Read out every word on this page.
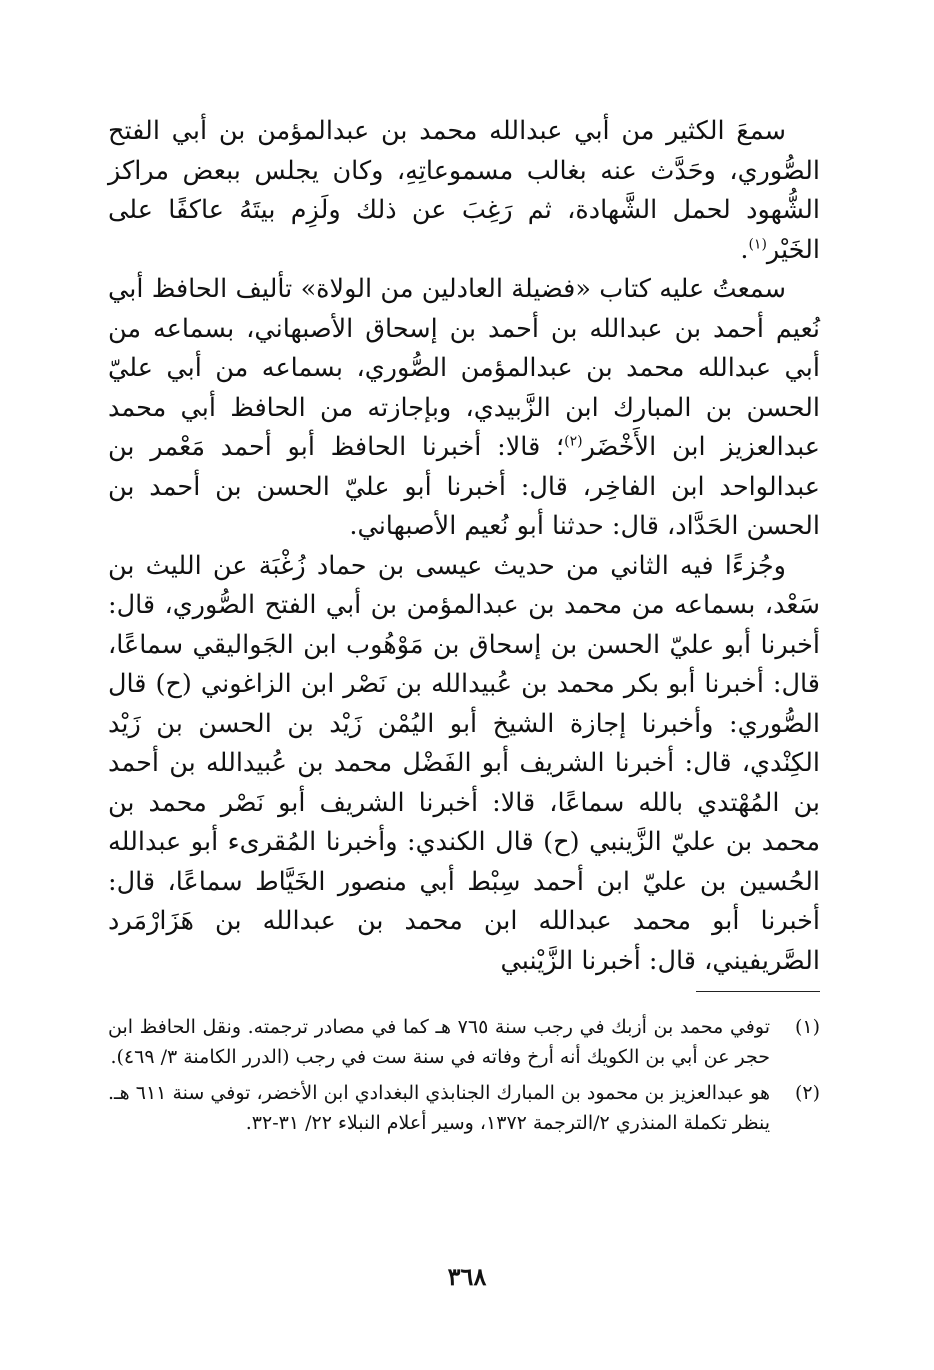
سمعَ الكثير من أبي عبدالله محمد بن عبدالمؤمن بن أبي الفتح الصُّوري، وحَدَّث عنه بغالب مسموعاتِهِ، وكان يجلس ببعض مراكز الشُّهود لحمل الشَّهادة، ثم رَغِبَ عن ذلك ولَزِم بيتَهُ عاكفًا على الخَيْر$^{(١)}$.

سمعتُ عليه كتاب «فضيلة العادلين من الولاة» تأليف الحافظ أبي نُعيم أحمد بن عبدالله بن أحمد بن إسحاق الأصبهاني، بسماعه من أبي عبدالله محمد بن عبدالمؤمن الصُّوري، بسماعه من أبي عليّ الحسن بن المبارك ابن الزَّبيدي، وبإجازته من الحافظ أبي محمد عبدالعزيز ابن الأَخْضَر$^{(٢)}$؛ قالا: أخبرنا الحافظ أبو أحمد مَعْمر بن عبدالواحد ابن الفاخِر، قال: أخبرنا أبو عليّ الحسن بن أحمد بن الحسن الحَدَّاد، قال: حدثنا أبو نُعيم الأصبهاني.

وجُزءًا فيه الثاني من حديث عيسى بن حماد زُغْبَة عن الليث بن سَعْد، بسماعه من محمد بن عبدالمؤمن بن أبي الفتح الصُّوري، قال: أخبرنا أبو عليّ الحسن بن إسحاق بن مَوْهُوب ابن الجَواليقي سماعًا، قال: أخبرنا أبو بكر محمد بن عُبيدالله بن نَصْر ابن الزاغوني (ح) قال الصُّوري: وأخبرنا إجازة الشيخ أبو اليُمْن زَيْد بن الحسن بن زَيْد الكِنْدي، قال: أخبرنا الشريف أبو الفَضْل محمد بن عُبيدالله بن أحمد بن المُهْتدي بالله سماعًا، قالا: أخبرنا الشريف أبو نَصْر محمد بن محمد بن عليّ الزَّينبي (ح) قال الكندي: وأخبرنا المُقرىء أبو عبدالله الحُسين بن عليّ ابن أحمد سِبْط أبي منصور الخَيَّاط سماعًا، قال: أخبرنا أبو محمد عبدالله ابن محمد بن عبدالله بن هَزَارْمَرد الصَّريفيني، قال: أخبرنا الزَّيْنبي

(١)
توفي محمد بن أزبك في رجب سنة ٧٦٥ هـ كما في مصادر ترجمته. ونقل الحافظ ابن حجر عن أبي بن الكويك أنه أرخ وفاته في سنة ست في رجب (الدرر الكامنة ٣/ ٤٦٩).
(٢)
هو عبدالعزيز بن محمود بن المبارك الجنابذي البغدادي ابن الأخضر، توفي سنة ٦١١ هـ. ينظر تكملة المنذري ٢/الترجمة ١٣٧٢، وسير أعلام النبلاء ٢٢/ ٣١-٣٢.
٣٦٨
